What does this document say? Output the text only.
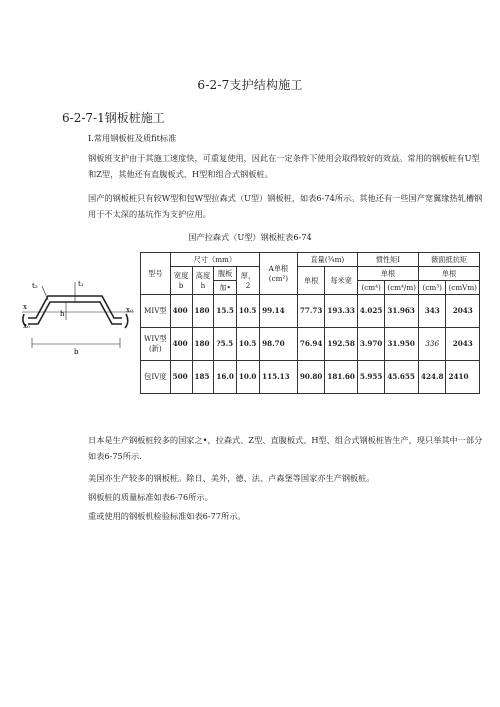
6-2-7支护结构施工
6-2-7-1钢板桩施工
I.常用钢板桩及质fit标准
钢板班支护由于其施工速度快，可重复使用，因此在一定条件下使用会取得较好的效益。常用的钢板桩有U型和Z型，其他还有直腹板式、H型和组合式钢板桩。
国产的钢板桩只有较W型和包W型拉森式（U型）钢板桩，如表6-74所示。其他还有一些国产宽翼缘热轧槽钢用于不太深的基坑作为支护应用。
国产拉森式（U型）钢板桩表6-74
t₁
t₂
x
x₀
x₀
h
b
型号	尺寸（mm）				A单根(cm²)	直量(¾m)		惯性矩I		薇面抵抗矩	
	宽度b	高度h	腹板	厚，2		单根	每米宽	单根		单根	
			加•					(cm⁴)	(cm⁴/m)	(cm³)	(cmVm)
MIV型	400	180	15.5	10.5	99.14	77.73	193.33	4.025	31.963	343	2043
WIV型(新)	400	180	?5.5	10.5	98.70	76.94	192.58	3.970	31.950	336	2043
包IV度	500	185	16.0	10.0	115.13	90.80	181.60	5.955	45.655	424.8	2410
日本是生产钢板桩较多的国家之•，拉森式、Z型、直腹板式、H型、组合式钢板桩皆生产，现只举其中一部分如表6-75所示.
美国亦生产较多的钢板桩。除日、美外，德、法、卢森堡等国家亦生产钢板桩。
钢板桩的质量标准如表6-76所示。
重或使用的钢板机检验标准如表6-77所示。
